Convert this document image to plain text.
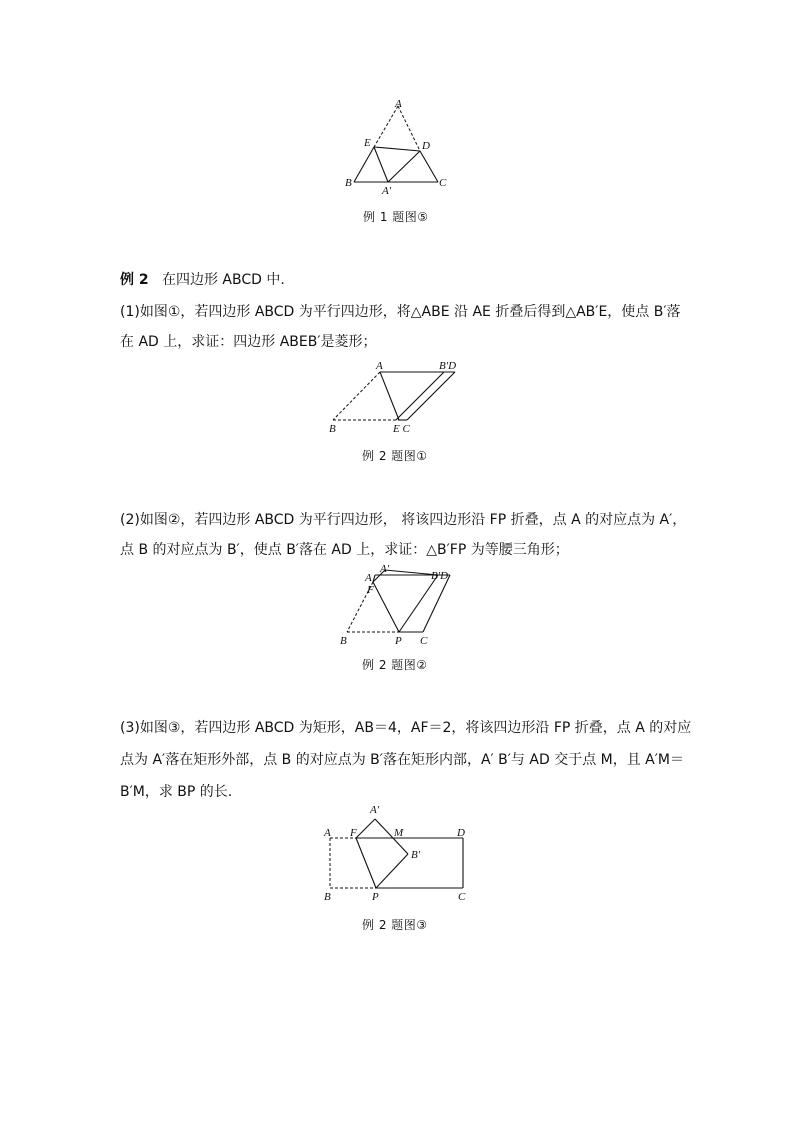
A
E	D
B
A′
C
例 1 题图⑤
例 2 在四边形 ABCD 中.
(1)如图①，若四边形 ABCD 为平行四边形，将△ABE 沿 AE 折叠后得到△AB′E，使点 B′落
在 AD 上，求证：四边形 ABEB′是菱形；
A	B′D
B	E C
例 2 题图①
(2)如图②，若四边形 ABCD 为平行四边形， 将该四边形沿 FP 折叠，点 A 的对应点为 A′，
点 B 的对应点为 B′，使点 B′落在 AD 上，求证：△B′FP 为等腰三角形；
A′
A
F
B′D
B	P C
例 2 题图②
(3)如图③，若四边形 ABCD 为矩形，AB＝4，AF＝2，将该四边形沿 FP 折叠，点 A 的对应
点为 A′落在矩形外部，点 B 的对应点为 B′落在矩形内部，A′ B′与 AD 交于点 M，且 A′M＝
B′M，求 BP 的长.
A′
A F	M	D
B′
B	P	C
例 2 题图③
